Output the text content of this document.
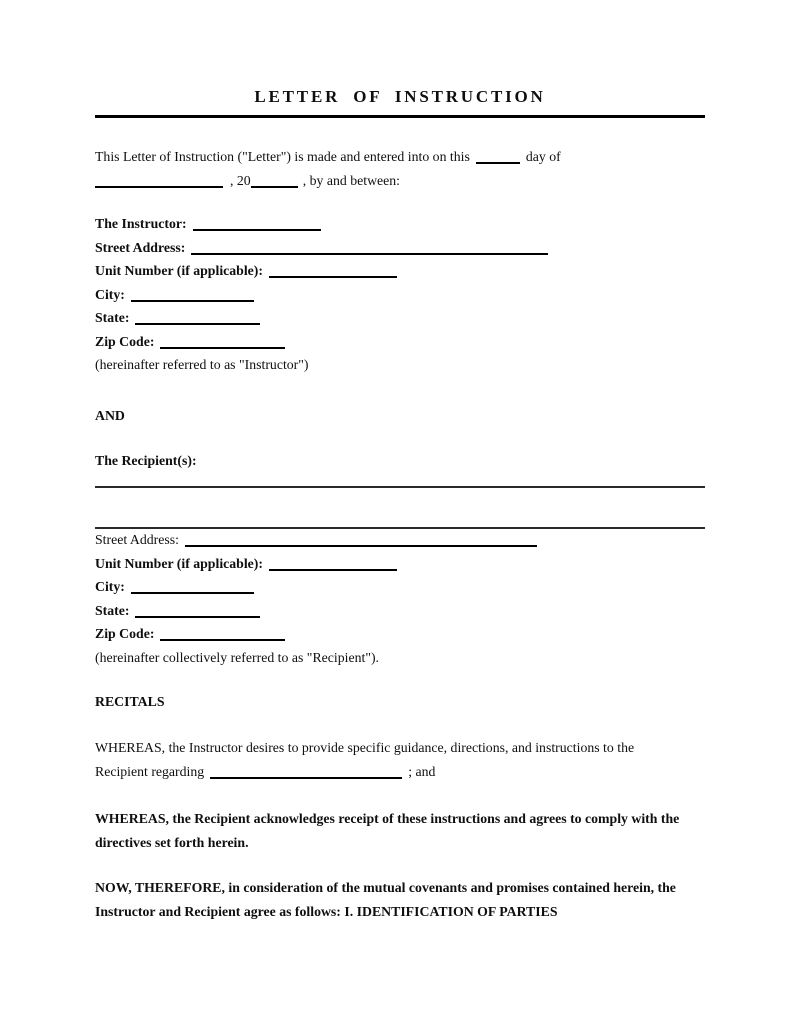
LETTER OF INSTRUCTION
This Letter of Instruction ("Letter") is made and entered into on this	day of
, 20	, by and between:
The Instructor:
Street Address:
Unit Number (if applicable):
City:
State:
Zip Code:
(hereinafter referred to as "Instructor")
AND
The Recipient(s):
Street Address:
Unit Number (if applicable):
City:
State:
Zip Code:
(hereinafter collectively referred to as "Recipient").
RECITALS
WHEREAS, the Instructor desires to provide specific guidance, directions, and instructions to the
Recipient regarding	; and
WHEREAS, the Recipient acknowledges receipt of these instructions and agrees to comply with the
directives set forth herein.
NOW, THEREFORE, in consideration of the mutual covenants and promises contained herein, the
Instructor and Recipient agree as follows: I. IDENTIFICATION OF PARTIES
